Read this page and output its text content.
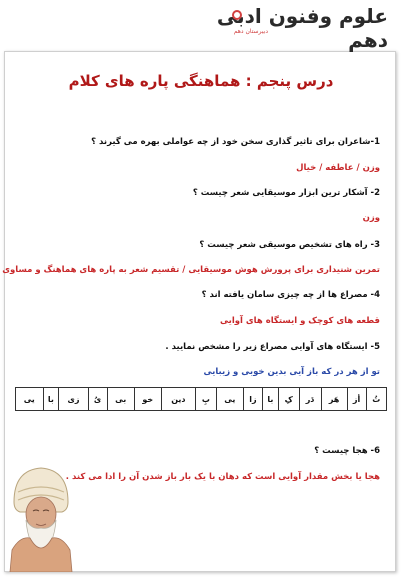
علوم وفنون ادبی دهم
دبیرستان دهم
درس پنجم : هماهنگی پاره های کلام
1-شاعران برای تاثیر گذاری سخن خود از چه عواملی بهره می گیرند ؟
وزن / عاطفه / خیال
2- آشکار ترین ابزار موسیقایی شعر چیست ؟
وزن
3- راه های تشخیص موسیقی شعر چیست ؟
تمرین شنیداری برای پرورش هوش موسیقایی / تقسیم شعر به پاره های هماهنگ و مساوی
4- مصراع ها از چه چیزی سامان یافته اند ؟
قطعه های کوچک و ایستگاه های آوایی
5- ایستگاه های آوایی مصراع زیر را مشخص نمایید .
تو از هر در که باز آیی بدین خوبی و زیبایی
تُ	أز	هَر	دَر	کِ	با	زا	یی	بِ	دین	خو	بی	یُ	زی	با	یی
6- هجا چیست ؟
هجا یا بخش مقدار آوایی است که دهان با یک بار باز شدن آن را ادا می کند .
